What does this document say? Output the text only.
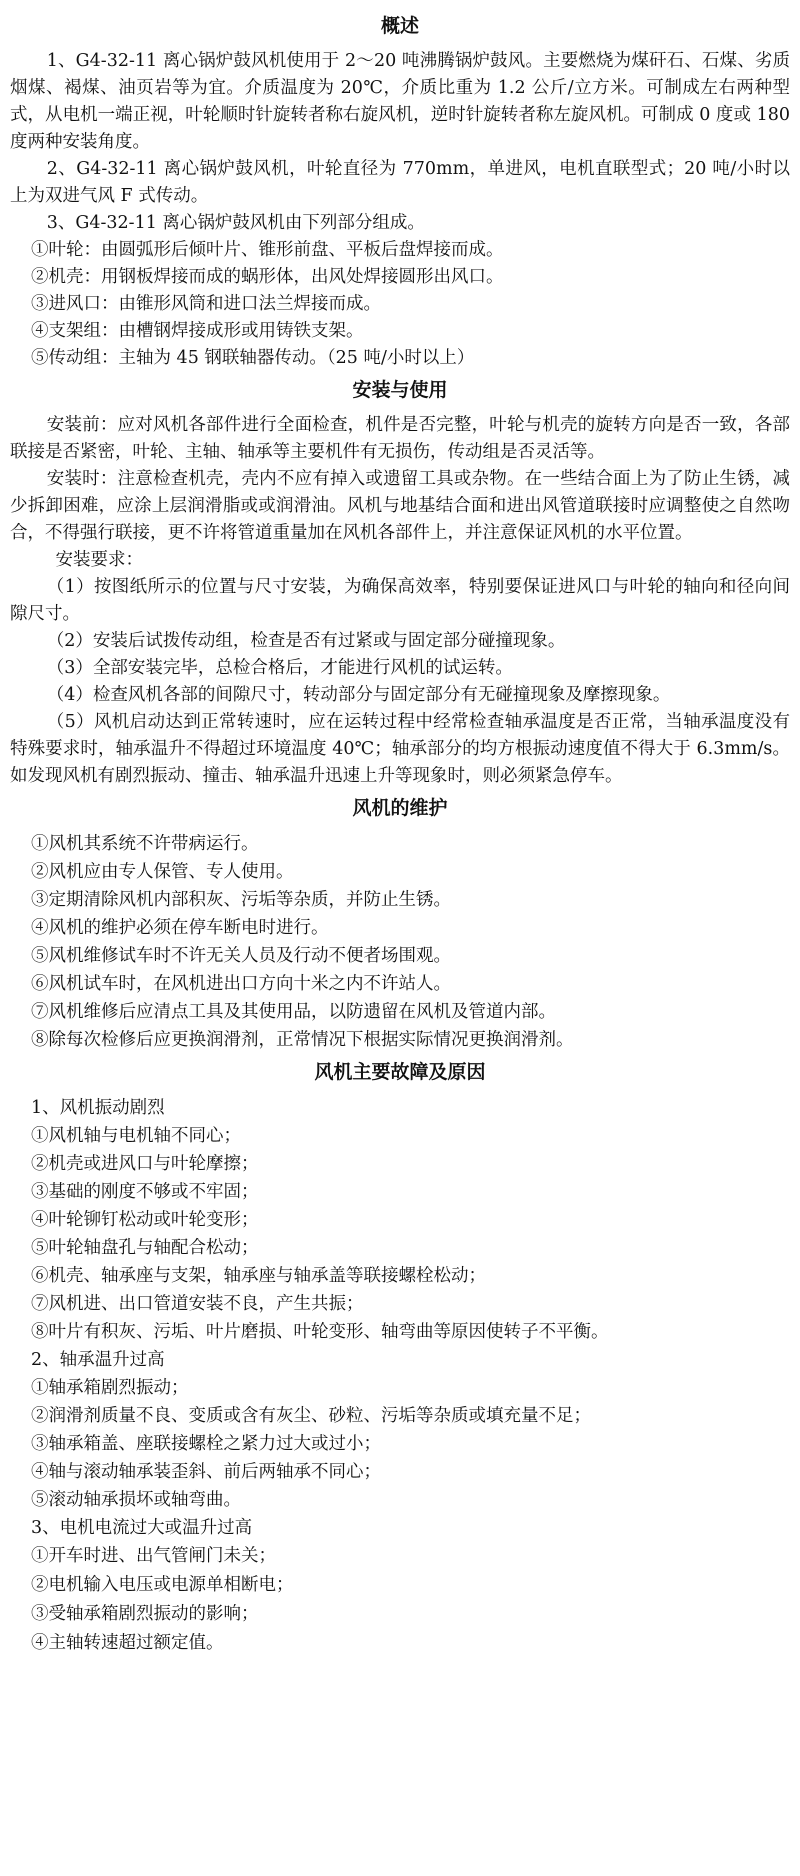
概述

1、G4-32-11 离心锅炉鼓风机使用于 2～20 吨沸腾锅炉鼓风。主要燃烧为煤矸石、石煤、劣质烟煤、褐煤、油页岩等为宜。介质温度为 20℃，介质比重为 1.2 公斤/立方米。可制成左右两种型式，从电机一端正视，叶轮顺时针旋转者称右旋风机，逆时针旋转者称左旋风机。可制成 0 度或 180 度两种安装角度。

2、G4-32-11 离心锅炉鼓风机，叶轮直径为 770mm，单进风，电机直联型式；20 吨/小时以上为双进气风 F 式传动。

3、G4-32-11 离心锅炉鼓风机由下列部分组成。

①叶轮：由圆弧形后倾叶片、锥形前盘、平板后盘焊接而成。
②机壳：用钢板焊接而成的蜗形体，出风处焊接圆形出风口。
③进风口：由锥形风筒和进口法兰焊接而成。
④支架组：由槽钢焊接成形或用铸铁支架。
⑤传动组：主轴为 45 钢联轴器传动。（25 吨/小时以上）
安装与使用

安装前：应对风机各部件进行全面检查，机件是否完整，叶轮与机壳的旋转方向是否一致，各部联接是否紧密，叶轮、主轴、轴承等主要机件有无损伤，传动组是否灵活等。

安装时：注意检查机壳，壳内不应有掉入或遗留工具或杂物。在一些结合面上为了防止生锈，减少拆卸困难，应涂上层润滑脂或或润滑油。风机与地基结合面和进出风管道联接时应调整使之自然吻合，不得强行联接，更不许将管道重量加在风机各部件上，并注意保证风机的水平位置。

安装要求：

（1）按图纸所示的位置与尺寸安装，为确保高效率，特别要保证进风口与叶轮的轴向和径向间隙尺寸。

（2）安装后试拨传动组，检查是否有过紧或与固定部分碰撞现象。

（3）全部安装完毕，总检合格后，才能进行风机的试运转。

（4）检查风机各部的间隙尺寸，转动部分与固定部分有无碰撞现象及摩擦现象。

（5）风机启动达到正常转速时，应在运转过程中经常检查轴承温度是否正常，当轴承温度没有特殊要求时，轴承温升不得超过环境温度 40℃；轴承部分的均方根振动速度值不得大于 6.3mm/s。如发现风机有剧烈振动、撞击、轴承温升迅速上升等现象时，则必须紧急停车。

风机的维护
①风机其系统不许带病运行。
②风机应由专人保管、专人使用。
③定期清除风机内部积灰、污垢等杂质，并防止生锈。
④风机的维护必须在停车断电时进行。
⑤风机维修试车时不许无关人员及行动不便者场围观。
⑥风机试车时，在风机进出口方向十米之内不许站人。
⑦风机维修后应清点工具及其使用品，以防遗留在风机及管道内部。
⑧除每次检修后应更换润滑剂，正常情况下根据实际情况更换润滑剂。
风机主要故障及原因

1、风机振动剧烈

①风机轴与电机轴不同心；
②机壳或进风口与叶轮摩擦；
③基础的刚度不够或不牢固；
④叶轮铆钉松动或叶轮变形；
⑤叶轮轴盘孔与轴配合松动；
⑥机壳、轴承座与支架，轴承座与轴承盖等联接螺栓松动；
⑦风机进、出口管道安装不良，产生共振；
⑧叶片有积灰、污垢、叶片磨损、叶轮变形、轴弯曲等原因使转子不平衡。

2、轴承温升过高

①轴承箱剧烈振动；
②润滑剂质量不良、变质或含有灰尘、砂粒、污垢等杂质或填充量不足；
③轴承箱盖、座联接螺栓之紧力过大或过小；
④轴与滚动轴承装歪斜、前后两轴承不同心；
⑤滚动轴承损坏或轴弯曲。

3、电机电流过大或温升过高

①开车时进、出气管闸门未关；
②电机输入电压或电源单相断电；
③受轴承箱剧烈振动的影响；
④主轴转速超过额定值。
